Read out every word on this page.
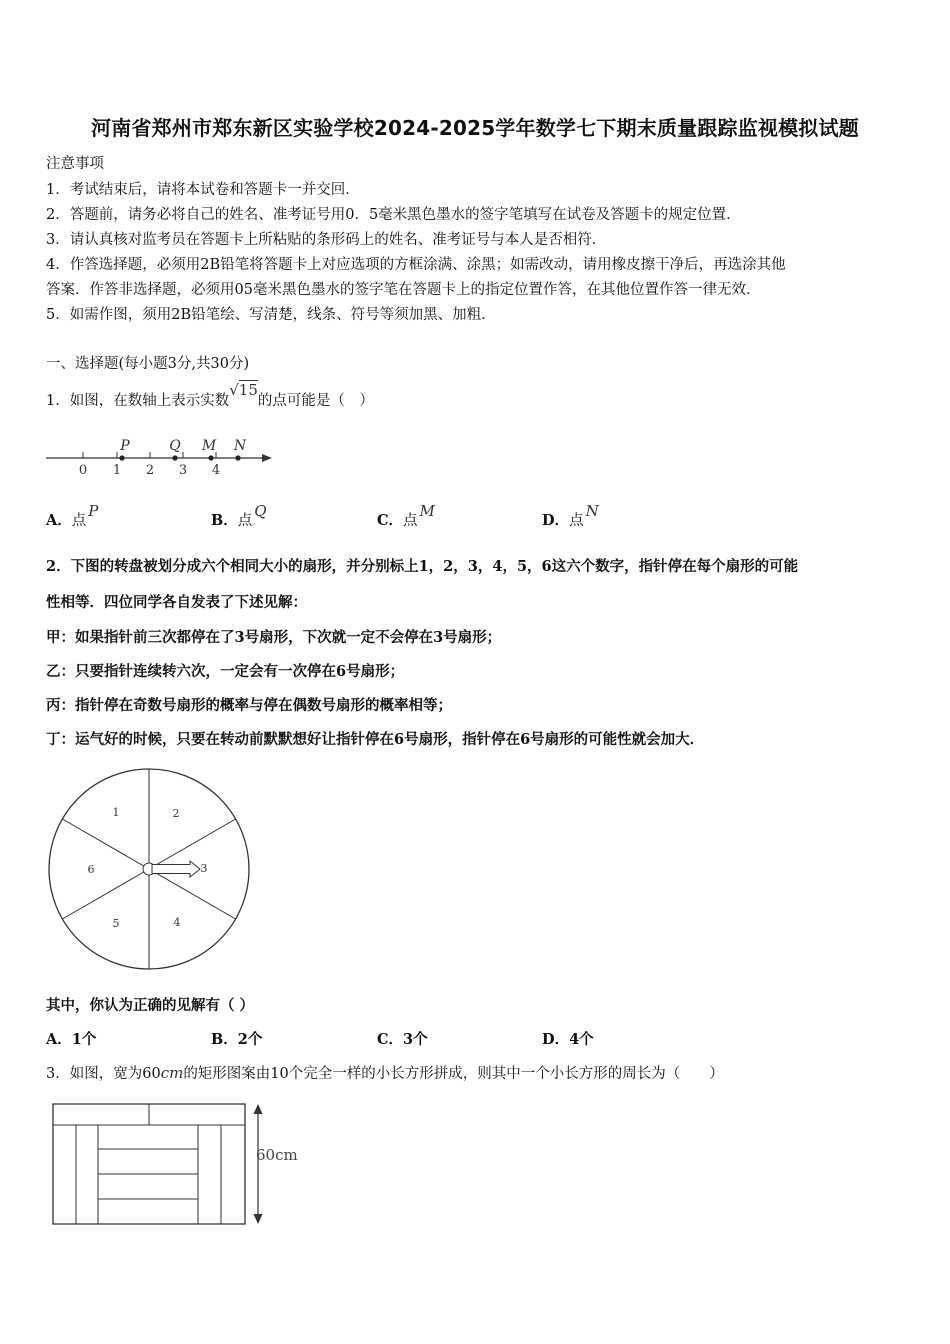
河南省郑州市郑东新区实验学校2024-2025学年数学七下期末质量跟踪监视模拟试题
注意事项
1．考试结束后，请将本试卷和答题卡一并交回．
2．答题前，请务必将自己的姓名、准考证号用0．5毫米黑色墨水的签字笔填写在试卷及答题卡的规定位置．
3．请认真核对监考员在答题卡上所粘贴的条形码上的姓名、准考证号与本人是否相符．
4．作答选择题，必须用2B铅笔将答题卡上对应选项的方框涂满、涂黑；如需改动，请用橡皮擦干净后，再选涂其他
答案．作答非选择题，必须用05毫米黑色墨水的签字笔在答题卡上的指定位置作答，在其他位置作答一律无效．
5．如需作图，须用2B铅笔绘、写清楚，线条、符号等须加黑、加粗．
一、选择题(每小题3分,共30分)
1．如图，在数轴上表示实数√15的点可能是（　）
0 1 2 3 4
P	Q M N
A．点P
B．点Q
C．点M
D．点N
2．下图的转盘被划分成六个相同大小的扇形，并分别标上1，2，3，4，5，6这六个数字，指针停在每个扇形的可能
性相等．四位同学各自发表了下述见解：
甲：如果指针前三次都停在了3号扇形，下次就一定不会停在3号扇形；
乙：只要指针连续转六次，一定会有一次停在6号扇形；
丙：指针停在奇数号扇形的概率与停在偶数号扇形的概率相等；
丁：运气好的时候，只要在转动前默默想好让指针停在6号扇形，指针停在6号扇形的可能性就会加大．
1	2
3
4
5
6
其中，你认为正确的见解有（ ）
A．1个	B．2个	C．3个	D．4个
3．如图，宽为60cm的矩形图案由10个完全一样的小长方形拼成，则其中一个小长方形的周长为（　　）
60cm
